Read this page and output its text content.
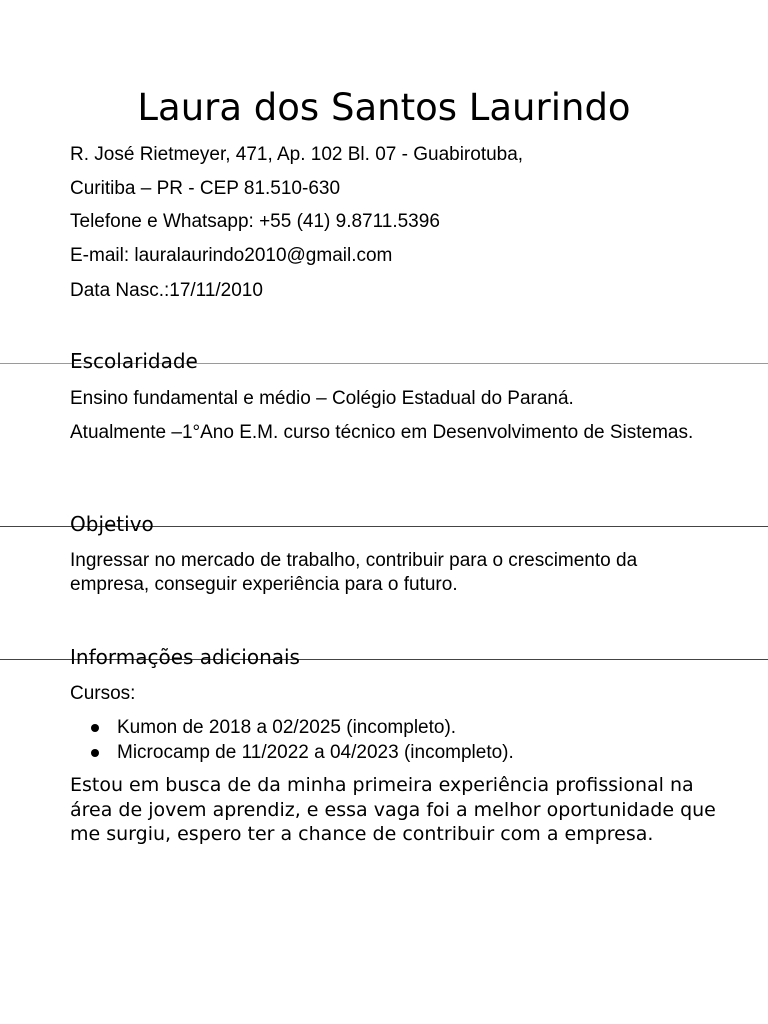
Laura dos Santos Laurindo

R. José Rietmeyer, 471, Ap. 102 Bl. 07 - Guabirotuba,

Curitiba – PR - CEP 81.510-630

Telefone e Whatsapp: +55 (41) 9.8711.5396

E-mail: lauralaurindo2010@gmail.com

Data Nasc.:17/11/2010

Escolaridade

Ensino fundamental e médio – Colégio Estadual do Paraná.

Atualmente –1°Ano E.M. curso técnico em Desenvolvimento de Sistemas.

Objetivo

Ingressar no mercado de trabalho, contribuir para o crescimento da empresa, conseguir experiência para o futuro.

Informações adicionais

Cursos:

Kumon de 2018 a 02/2025 (incompleto).
Microcamp de 11/2022 a 04/2023 (incompleto).

Estou em busca de da minha primeira experiência profissional na área de jovem aprendiz, e essa vaga foi a melhor oportunidade que me surgiu, espero ter a chance de contribuir com a empresa.
